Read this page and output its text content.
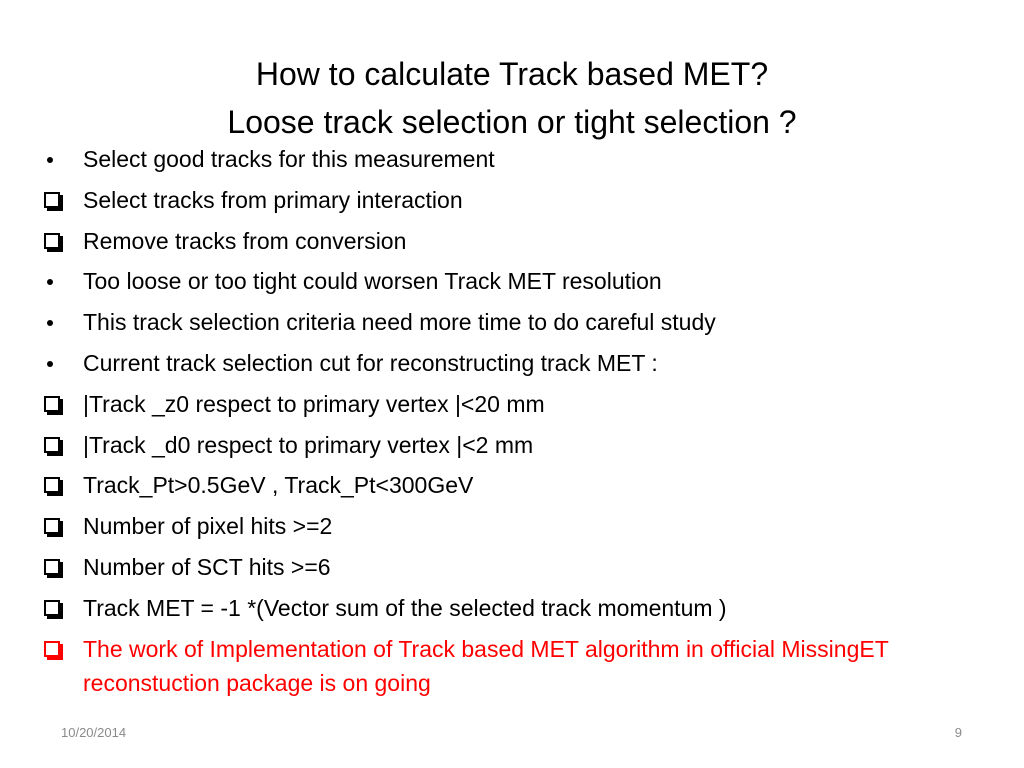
How to calculate Track based MET?
Loose track selection or tight selection ?
Select good tracks for this measurement
Select tracks from primary interaction
Remove tracks from conversion
Too loose or too tight could worsen Track MET resolution
This track selection criteria need more time to do careful study
Current track selection cut for reconstructing track MET :
|Track _z0 respect to primary vertex |<20 mm
|Track _d0 respect to primary vertex |<2 mm
Track_Pt>0.5GeV , Track_Pt<300GeV
Number of pixel hits >=2
Number of SCT hits >=6
Track MET = -1 *(Vector sum of the selected track momentum )
The work of Implementation of Track based MET algorithm in official MissingET reconstuction package is on going
10/20/2014	9
